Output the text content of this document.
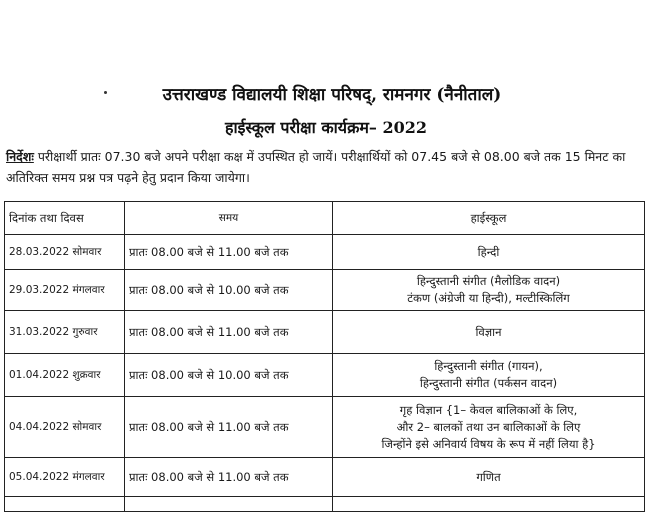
उत्तराखण्ड विद्यालयी शिक्षा परिषद्, रामनगर (नैनीताल)
हाईस्कूल परीक्षा कार्यक्रम– 2022
निर्देशः परीक्षार्थी प्रातः 07.30 बजे अपने परीक्षा कक्ष में उपस्थित हो जायें। परीक्षार्थियों को 07.45 बजे से 08.00 बजे तक 15 मिनट का अतिरिक्त समय प्रश्न पत्र पढ़ने हेतु प्रदान किया जायेगा।
दिनांक तथा दिवस	समय	हाईस्कूल
28.03.2022 सोमवार	प्रातः 08.00 बजे से 11.00 बजे तक	हिन्दी

29.03.2022 मंगलवार	प्रातः 08.00 बजे से 10.00 बजे तक	हिन्दुस्तानी संगीत (मैलोडिक वादन)
टंकण (अंग्रेजी या हिन्दी), मल्टीस्किलिंग

31.03.2022 गुरुवार	प्रातः 08.00 बजे से 11.00 बजे तक	विज्ञान

01.04.2022 शुक्रवार	प्रातः 08.00 बजे से 10.00 बजे तक	हिन्दुस्तानी संगीत (गायन),
हिन्दुस्तानी संगीत (पर्कसन वादन)

04.04.2022 सोमवार	प्रातः 08.00 बजे से 11.00 बजे तक	गृह विज्ञान {1– केवल बालिकाओं के लिए,
और 2– बालकों तथा उन बालिकाओं के लिए
जिन्होंने इसे अनिवार्य विषय के रूप में नहीं लिया है}

05.04.2022 मंगलवार	प्रातः 08.00 बजे से 11.00 बजे तक	गणित
